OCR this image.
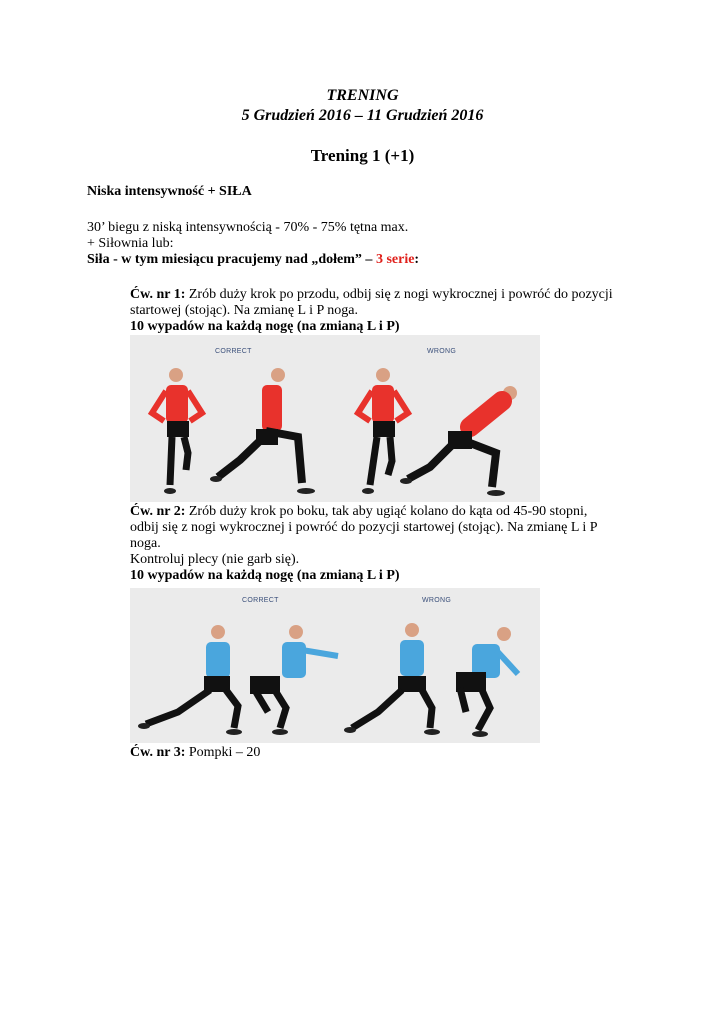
TRENING
5 Grudzień 2016 – 11 Grudzień 2016
Trening 1 (+1)
Niska intensywność + SIŁA
30’ biegu z niską intensywnością - 70% - 75% tętna max.
+ Siłownia lub:
Siła - w tym miesiącu pracujemy nad „dołem” – 3 serie:
Ćw. nr 1: Zrób duży krok po przodu, odbij się z nogi wykrocznej i powróć do pozycji
startowej (stojąc). Na zmianę L i P noga.
10 wypadów na każdą nogę (na zmianą L i P)
CORRECT	WRONG
Ćw. nr 2: Zrób duży krok po boku, tak aby ugiąć kolano do kąta od 45-90 stopni,
odbij się z nogi wykrocznej i powróć do pozycji startowej (stojąc). Na zmianę L i P
noga.
Kontroluj plecy (nie garb się).
10 wypadów na każdą nogę (na zmianą L i P)
CORRECT	WRONG
Ćw. nr 3: Pompki – 20
